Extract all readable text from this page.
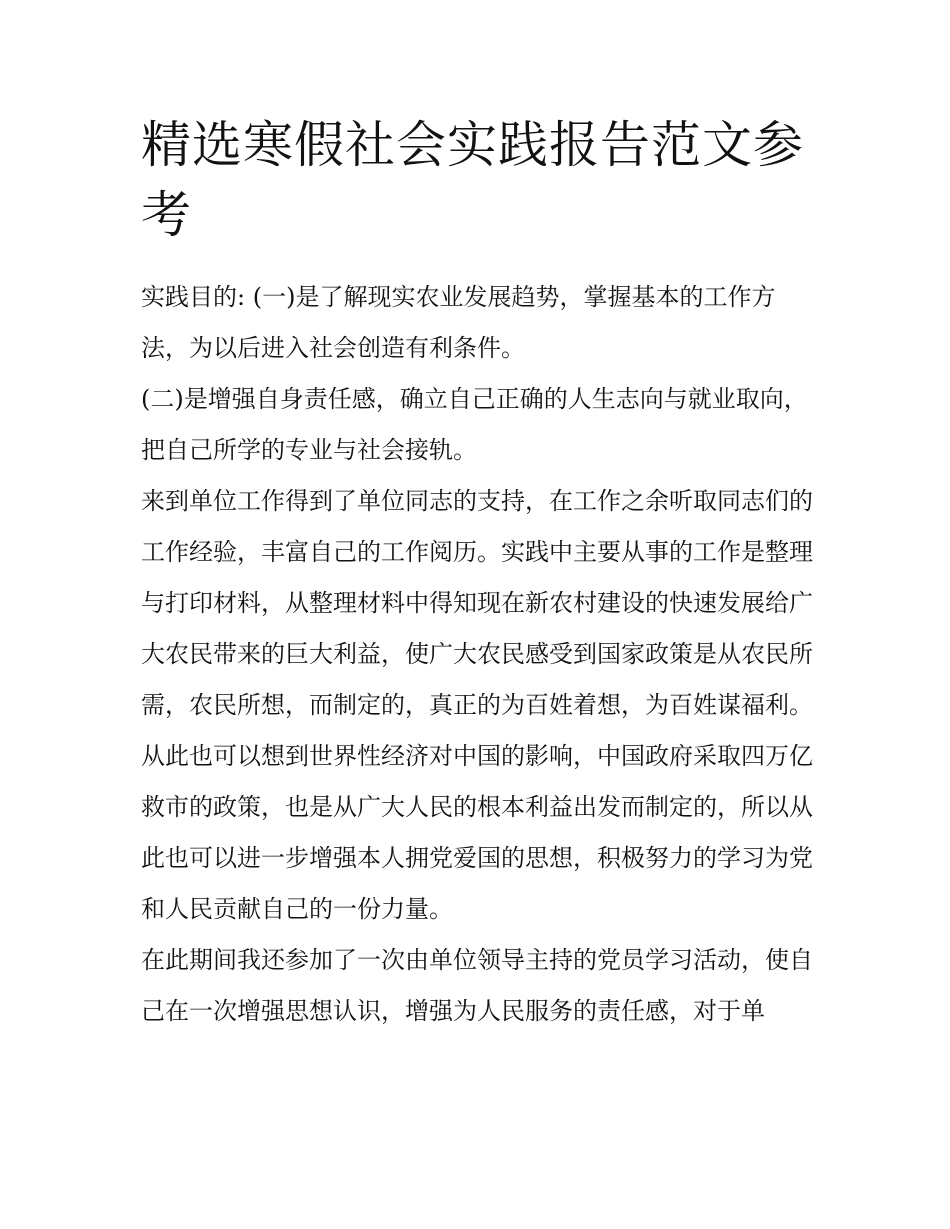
精选寒假社会实践报告范文参考

实践目的: (一)是了解现实农业发展趋势，掌握基本的工作方法，为以后进入社会创造有利条件。

(二)是增强自身责任感，确立自己正确的人生志向与就业取向，把自己所学的专业与社会接轨。

来到单位工作得到了单位同志的支持，在工作之余听取同志们的工作经验，丰富自己的工作阅历。实践中主要从事的工作是整理与打印材料，从整理材料中得知现在新农村建设的快速发展给广大农民带来的巨大利益，使广大农民感受到国家政策是从农民所需，农民所想，而制定的，真正的为百姓着想，为百姓谋福利。

从此也可以想到世界性经济对中国的影响，中国政府采取四万亿救市的政策，也是从广大人民的根本利益出发而制定的，所以从此也可以进一步增强本人拥党爱国的思想，积极努力的学习为党和人民贡献自己的一份力量。

在此期间我还参加了一次由单位领导主持的党员学习活动，使自己在一次增强思想认识，增强为人民服务的责任感，对于单
